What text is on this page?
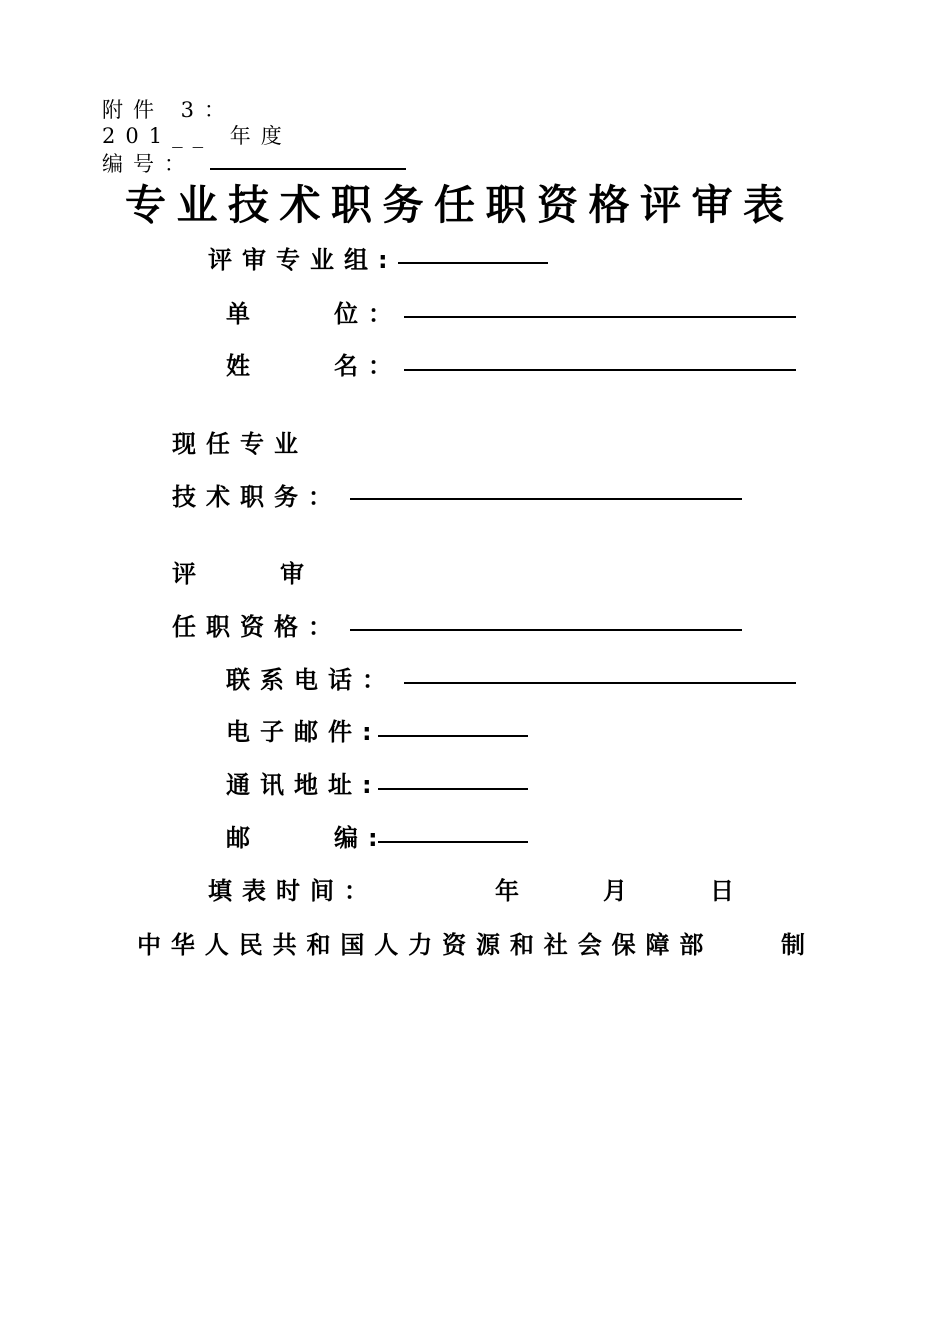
附件 3：
201__ 年度
编号：
专业技术职务任职资格评审表
评审专业组:
单	位：
姓	名：
现任专业
技术职务：
评	审
任职资格：
联系电话：
电子邮件:
通讯地址:
邮	编:
填表时间：	年	月	日
中华人民共和国人力资源和社会保障部	制
